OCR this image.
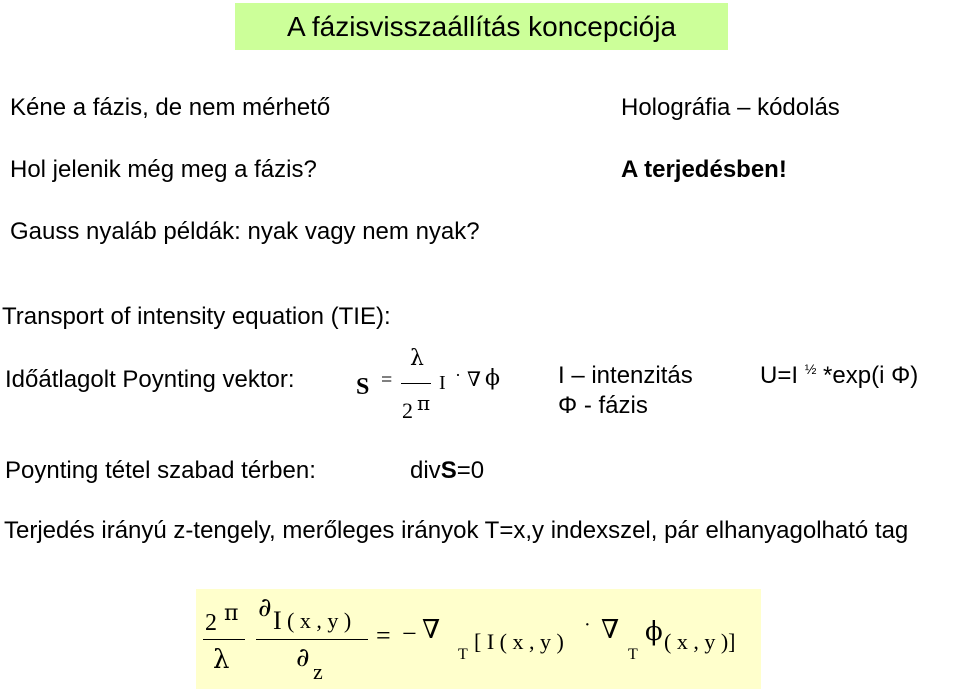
A fázisvisszaállítás koncepciója
Kéne a fázis, de nem mérhető
Hol jelenik még meg a fázis?
Holográfia – kódolás
A terjedésben!
Gauss nyaláb példák: nyak vagy nem nyak?
Transport of intensity equation (TIE):
Időátlagolt Poynting vektor:	S =
λ
2 π
I · ∇ ϕ I – intenzitás
Φ - fázis
U=I $^{\frac{1}{2}}$ *exp(i Φ)
Poynting tétel szabad térben:	divS=0
Terjedés irányú z-tengely, merőleges irányok T=x,y indexszel, pár elhanyagolható tag
2 π
λ
∂ I ( x , y )
∂ z
= − ∇
T
[ I ( x , y )
· ∇
T
ϕ ( x , y )]
